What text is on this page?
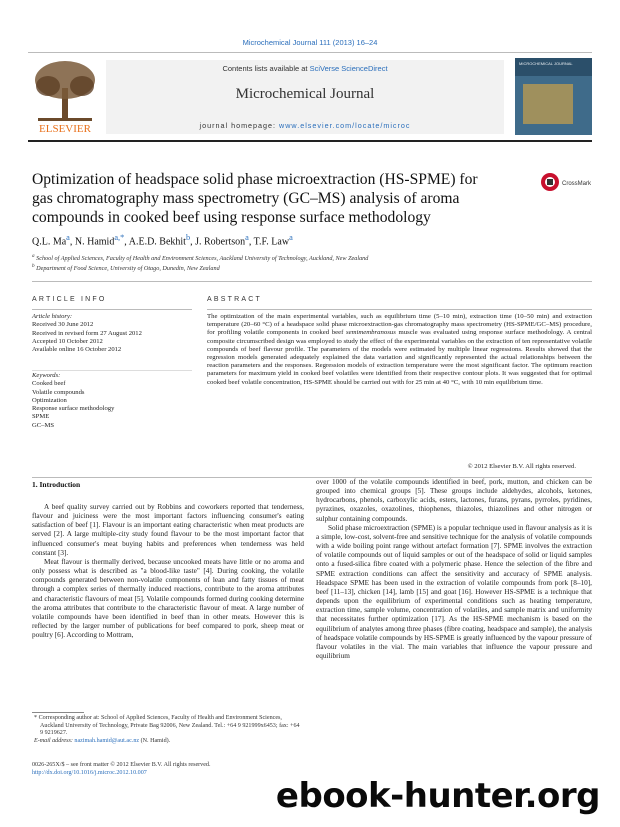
Microchemical Journal 111 (2013) 16–24
ELSEVIER
Contents lists available at SciVerse ScienceDirect
Microchemical Journal
journal homepage: www.elsevier.com/locate/microc
MICROCHEMICAL JOURNAL
Optimization of headspace solid phase microextraction (HS-SPME) for gas chromatography mass spectrometry (GC–MS) analysis of aroma compounds in cooked beef using response surface methodology
CrossMark
Q.L. Ma$^a$, N. Hamid$^{a,*}$, A.E.D. Bekhit$^b$, J. Robertson$^a$, T.F. Law$^a$
$^a$ School of Applied Sciences, Faculty of Health and Environment Sciences, Auckland University of Technology, Auckland, New Zealand
$^b$ Department of Food Science, University of Otago, Dunedin, New Zealand
ARTICLE INFO	ABSTRACT
Article history:
Received 30 June 2012
Received in revised form 27 August 2012
Accepted 10 October 2012
Available online 16 October 2012
Keywords:
Cooked beef
Volatile compounds
Optimization
Response surface methodology
SPME
GC–MS
The optimization of the main experimental variables, such as equilibrium time (5–10 min), extraction time (10–50 min) and extraction temperature (20–60 °C) of a headspace solid phase microextraction-gas chromatography mass spectrometry (HS-SPME/GC–MS) procedure, for profiling volatile components in cooked beef semimembranosus muscle was evaluated using response surface methodology. A central composite circumscribed design was employed to study the effect of the experimental variables on the extraction of ten representative volatile compounds of beef flavour profile. The parameters of the models were estimated by multiple linear regressions. Results showed that the regression models generated adequately explained the data variation and significantly represented the actual relationships between the reaction parameters and the responses. Regression models of extraction temperature were the most significant factor. The optimum reaction parameters for maximum yield in cooked beef volatiles were identified from their respective contour plots. It was suggested that for optimal cooked beef volatile concentration, HS-SPME should be carried out with for 25 min at 40 °C, with 10 min equilibrium time.
© 2012 Elsevier B.V. All rights reserved.
1. Introduction

A beef quality survey carried out by Robbins and coworkers reported that tenderness, flavour and juiciness were the most important factors influencing consumer's eating satisfaction of beef [1]. Flavour is an important eating characteristic when meat products are served [2]. A large multiple-city study found flavour to be the most important factor that influenced consumer's meat buying habits and preferences when tenderness was held constant [3].

Meat flavour is thermally derived, because uncooked meats have little or no aroma and only possess what is described as "a blood-like taste" [4]. During cooking, the volatile compounds generated between non-volatile components of lean and fatty tissues of meat through a complex series of thermally induced reactions, contribute to the aroma attributes and characteristic flavours of meat [5]. Volatile compounds formed during cooking determine the aroma attributes that contribute to the characteristic flavour of meat. A large number of volatile compounds have been identified in beef than in other meats. However this is reflected by the larger number of publications for beef compared to pork, sheep meat or poultry [6]. According to Mottram,

over 1000 of the volatile compounds identified in beef, pork, mutton, and chicken can be grouped into chemical groups [5]. These groups include aldehydes, alcohols, ketones, hydrocarbons, phenols, carboxylic acids, esters, lactones, furans, pyrans, pyrroles, pyridines, pyrazines, oxazoles, oxazolines, thiophenes, thiazoles, thiazolines and other nitrogen or sulphur containing compounds.

Solid phase microextraction (SPME) is a popular technique used in flavour analysis as it is a simple, low-cost, solvent-free and sensitive technique for the analysis of volatile compounds with a wide boiling point range without artefact formation [7]. SPME involves the extraction of volatile compounds out of liquid samples or out of the headspace of solid or liquid samples onto a fused-silica fibre coated with a polymeric phase. Hence the selection of the fibre and SPME extraction conditions can affect the sensitivity and accuracy of SPME analysis. Headspace SPME has been used in the extraction of volatile compounds from pork [8–10], beef [11–13], chicken [14], lamb [15] and goat [16]. However HS-SPME is a technique that depends upon the equilibrium of experimental conditions such as heating temperature, extraction time, sample volume, concentration of volatiles, and sample matrix and uniformity that necessitates further optimization [17]. As the HS-SPME mechanism is based on the equilibrium of analytes among three phases (fibre coating, headspace and sample), the analysis of headspace volatile compounds by HS-SPME is greatly influenced by the vapour pressure of flavour volatiles in the vial. The main variables that influence the vapour pressure and equilibrium

* Corresponding author at: School of Applied Sciences, Faculty of Health and Environment Sciences, Auckland University of Technology, Private Bag 92006, New Zealand. Tel.: +64 9 921999x6453; fax: +64 9 9219627.
E-mail address: nazimah.hamid@aut.ac.nz (N. Hamid).
0026-265X/$ – see front matter © 2012 Elsevier B.V. All rights reserved.
http://dx.doi.org/10.1016/j.microc.2012.10.007
ebook-hunter.org
